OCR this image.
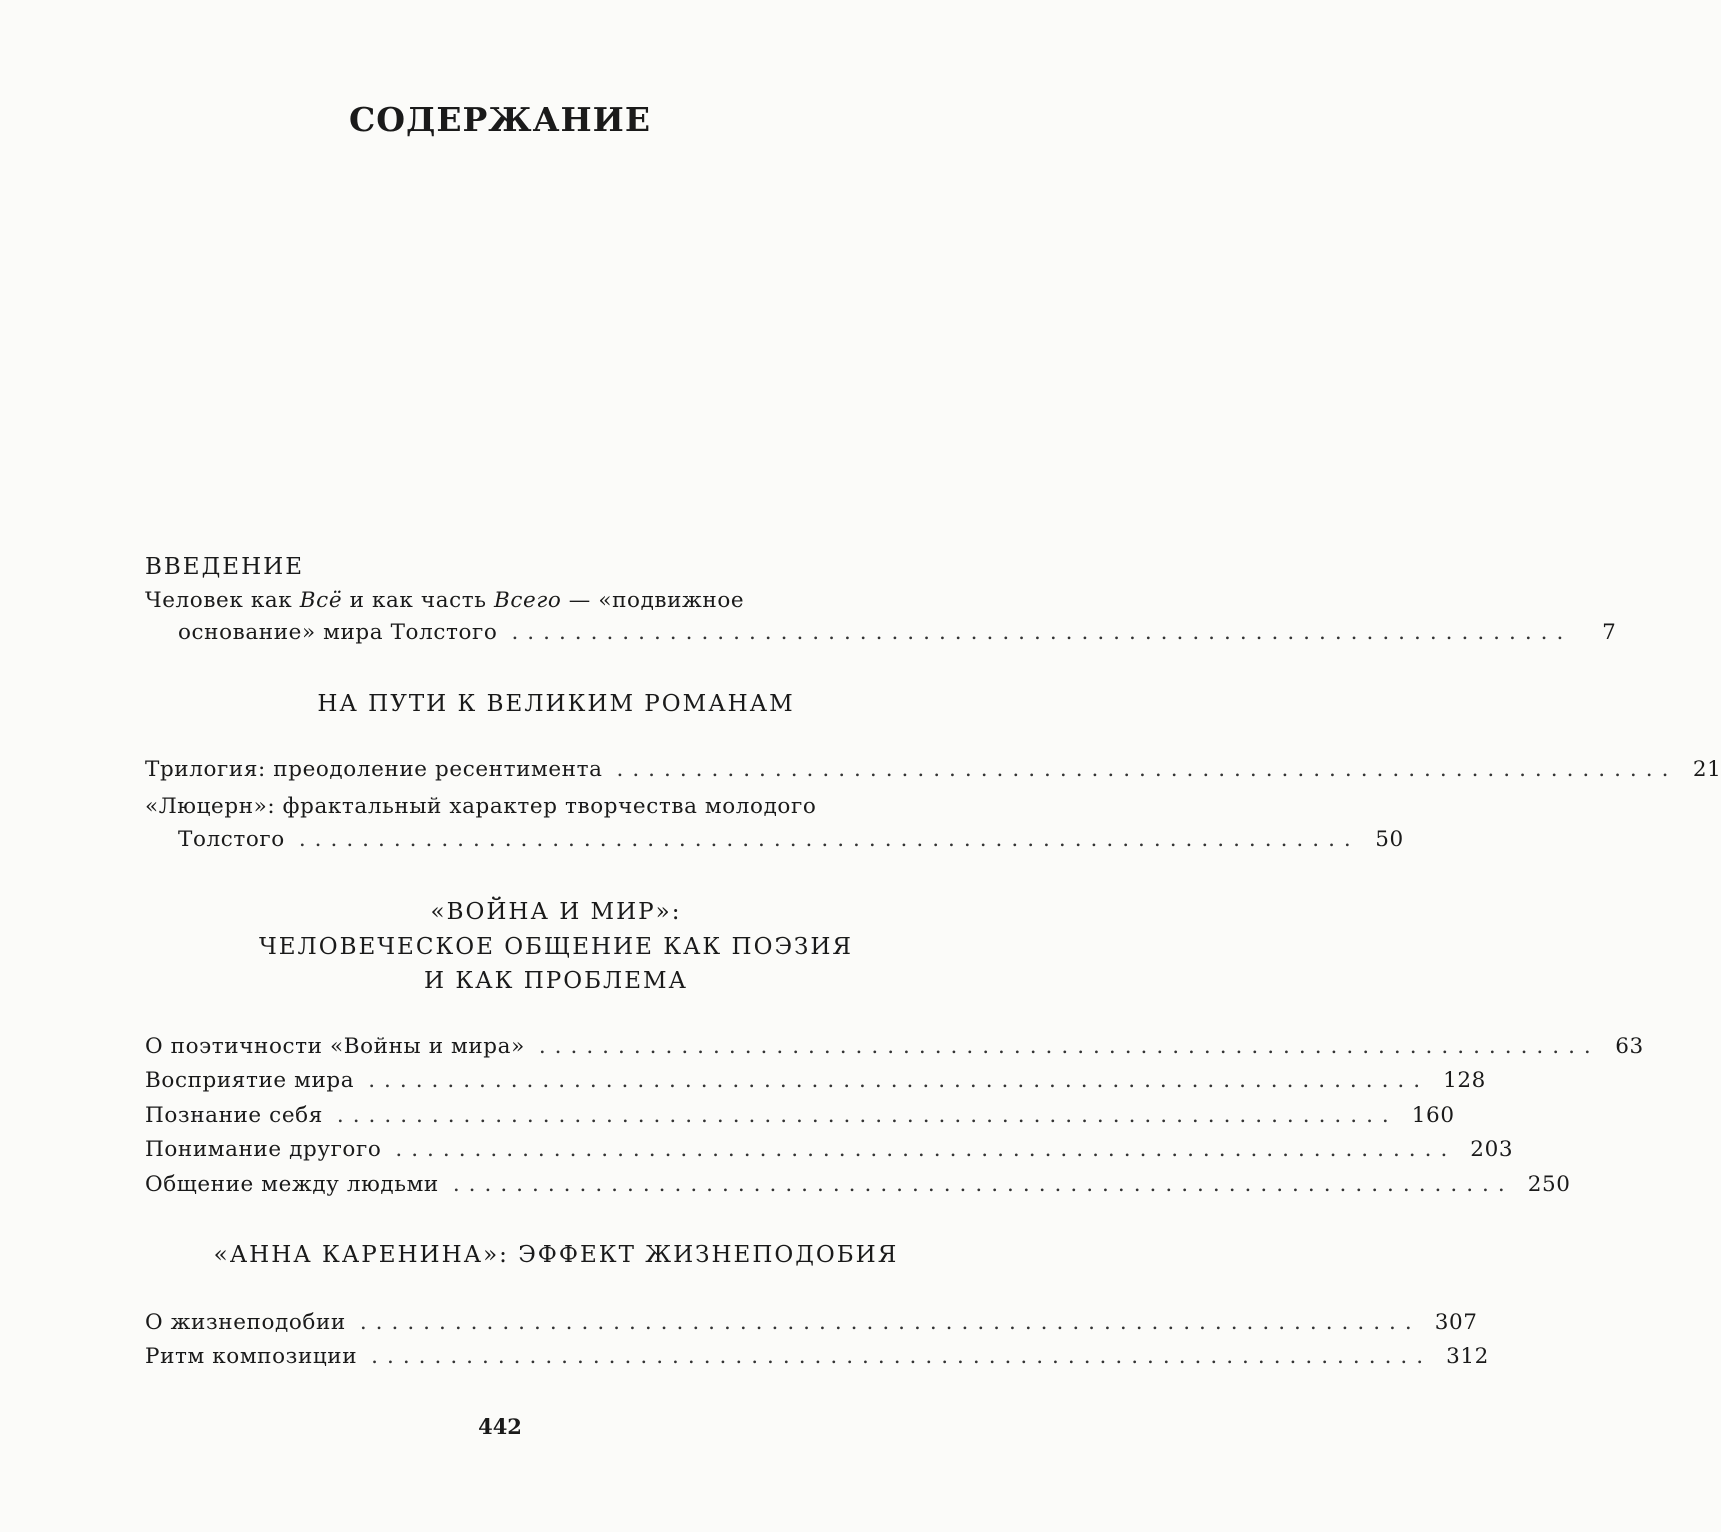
СОДЕРЖАНИЕ
ВВЕДЕНИЕ
Человек как Всё и как часть Всего — «подвижное
основание» мира Толстого ...................................................................	7
НА ПУТИ К ВЕЛИКИМ РОМАНАМ
Трилогия: преодоление ресентимента ................................................................... 21
«Люцерн»: фрактальный характер творчества молодого
Толстого ................................................................... 50
«ВОЙНА И МИР»:
ЧЕЛОВЕЧЕСКОЕ ОБЩЕНИЕ КАК ПОЭЗИЯ
И КАК ПРОБЛЕМА
О поэтичности «Войны и мира» ................................................................... 63
Восприятие мира ................................................................... 128
Познание себя ................................................................... 160
Понимание другого ................................................................... 203
Общение между людьми ................................................................... 250
«АННА КАРЕНИНА»: ЭФФЕКТ ЖИЗНЕПОДОБИЯ
О жизнеподобии ................................................................... 307
Ритм композиции ................................................................... 312
442
